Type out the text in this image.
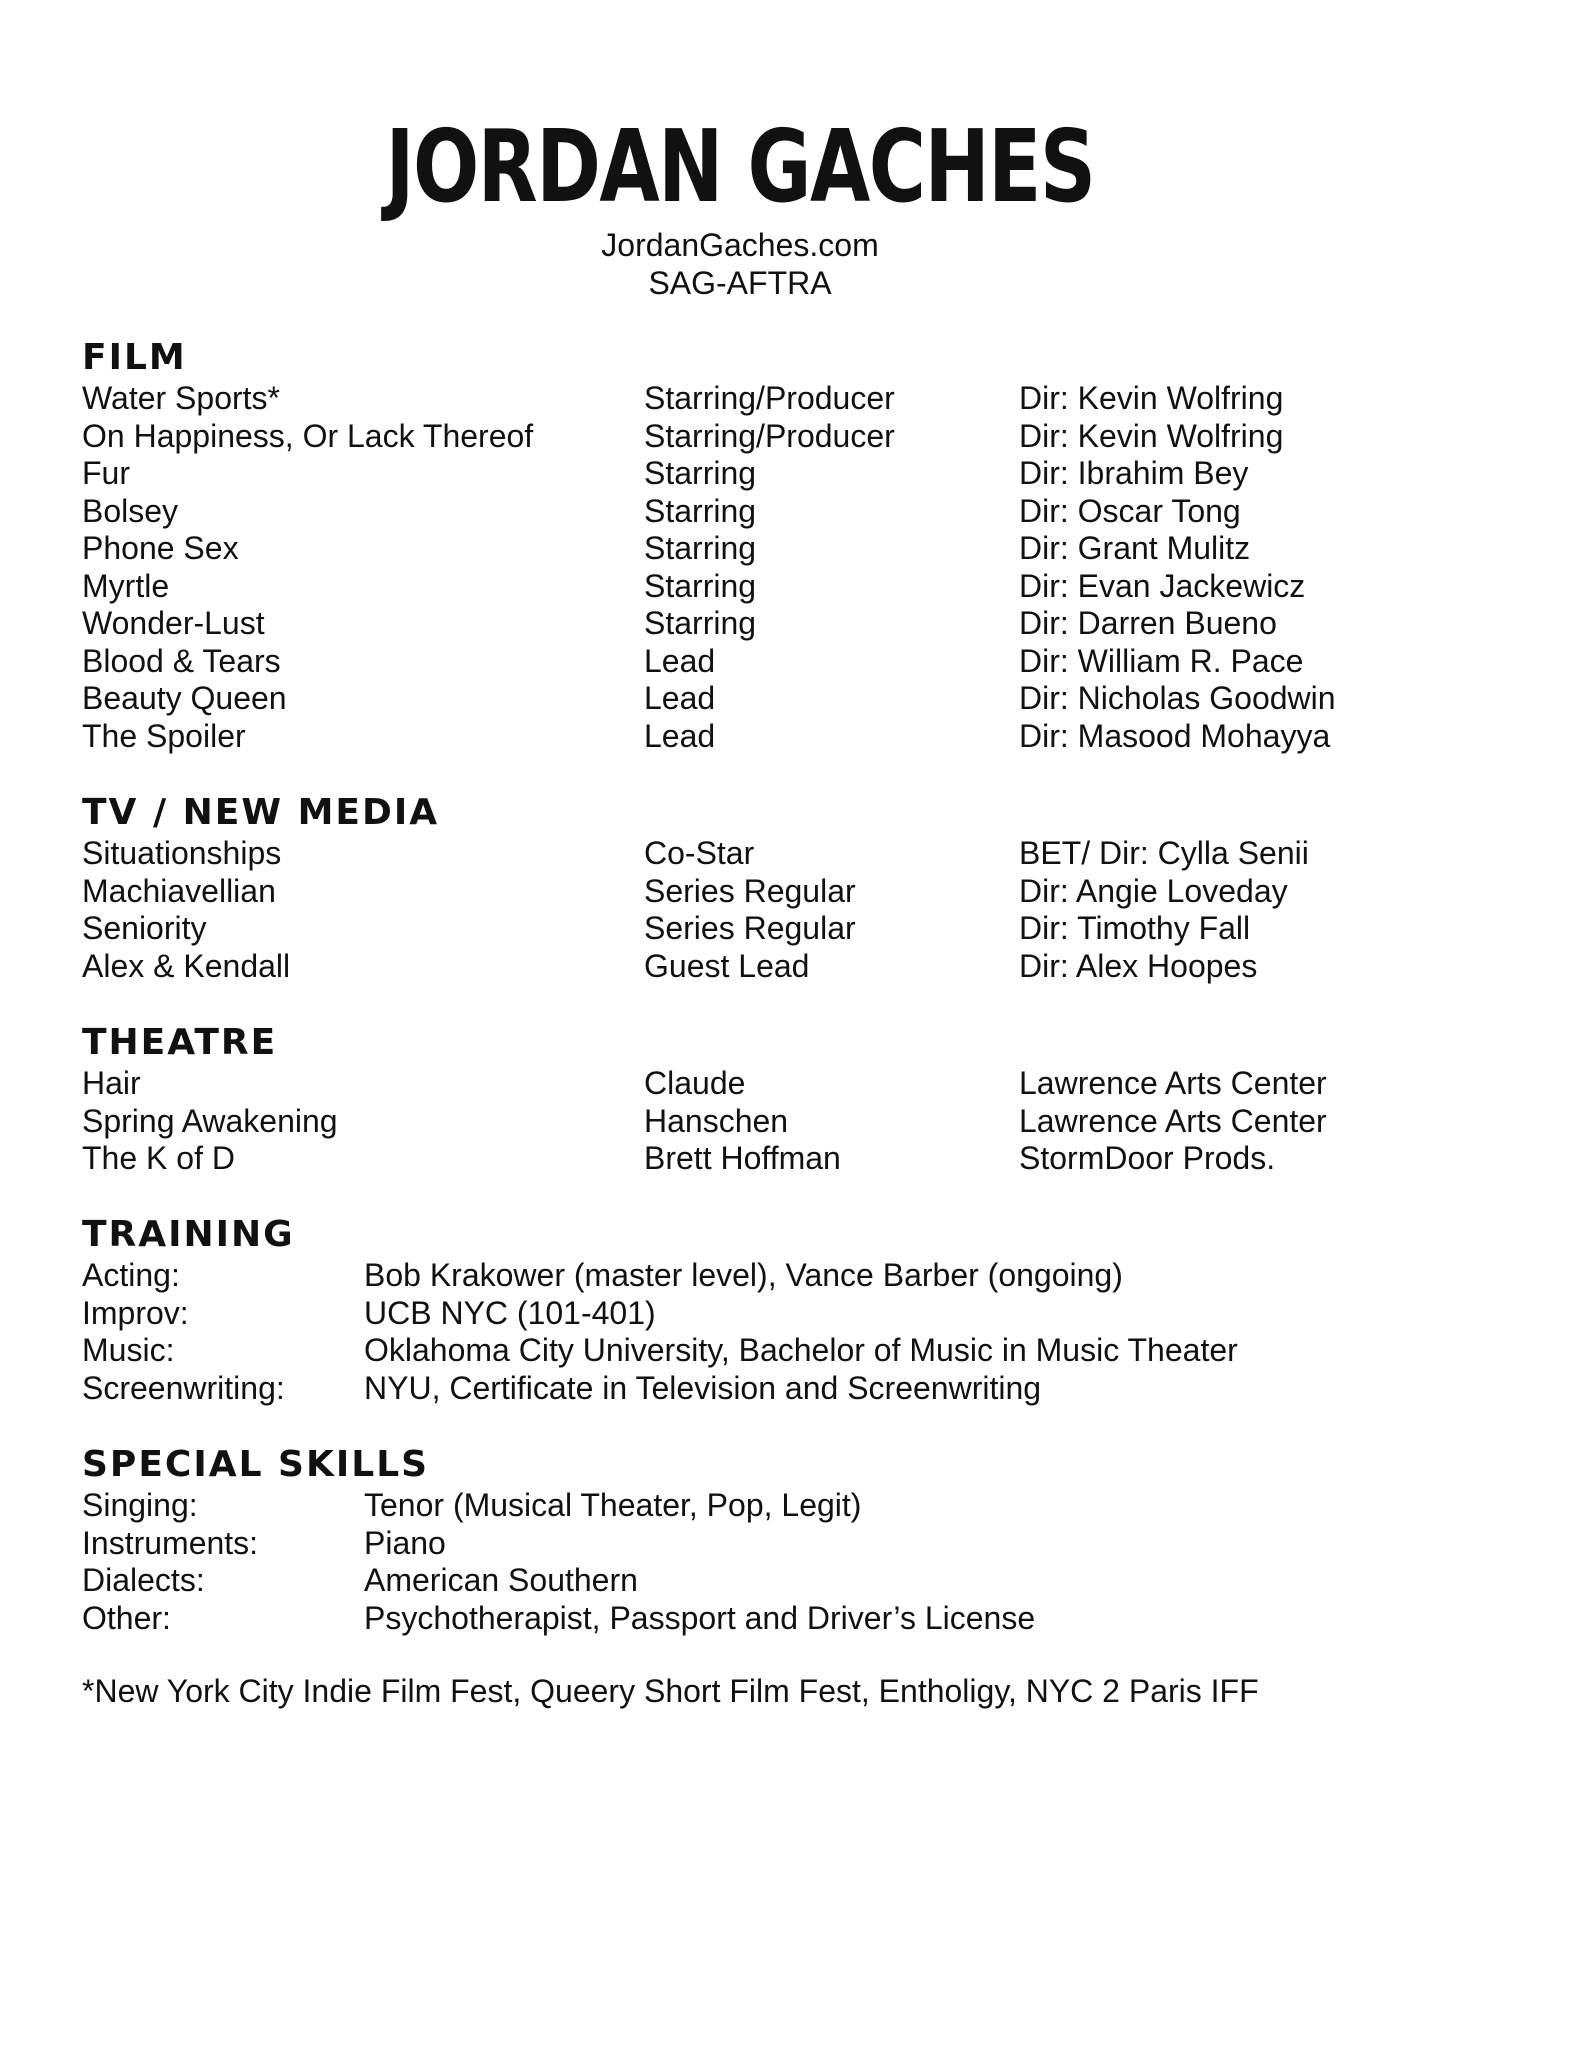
JORDAN GACHES
JordanGaches.com
SAG-AFTRA
FILM
Water Sports*	Starring/Producer	Dir: Kevin Wolfring
On Happiness, Or Lack Thereof	Starring/Producer	Dir: Kevin Wolfring
Fur	Starring	Dir: Ibrahim Bey
Bolsey	Starring	Dir: Oscar Tong
Phone Sex	Starring	Dir: Grant Mulitz
Myrtle	Starring	Dir: Evan Jackewicz
Wonder-Lust	Starring	Dir: Darren Bueno
Blood & Tears	Lead	Dir: William R. Pace
Beauty Queen	Lead	Dir: Nicholas Goodwin
The Spoiler	Lead	Dir: Masood Mohayya
TV / NEW MEDIA
Situationships	Co-Star	BET/ Dir: Cylla Senii
Machiavellian	Series Regular	Dir: Angie Loveday
Seniority	Series Regular	Dir: Timothy Fall
Alex & Kendall	Guest Lead	Dir: Alex Hoopes
THEATRE
Hair	Claude	Lawrence Arts Center
Spring Awakening	Hanschen	Lawrence Arts Center
The K of D	Brett Hoffman	StormDoor Prods.
TRAINING
Acting:	Bob Krakower (master level), Vance Barber (ongoing)
Improv:	UCB NYC (101-401)
Music:	Oklahoma City University, Bachelor of Music in Music Theater
Screenwriting: NYU, Certificate in Television and Screenwriting
SPECIAL SKILLS
Singing:	Tenor (Musical Theater, Pop, Legit)
Instruments:	Piano
Dialects:	American Southern
Other:	Psychotherapist, Passport and Driver’s License
*New York City Indie Film Fest, Queery Short Film Fest, Entholigy, NYC 2 Paris IFF
